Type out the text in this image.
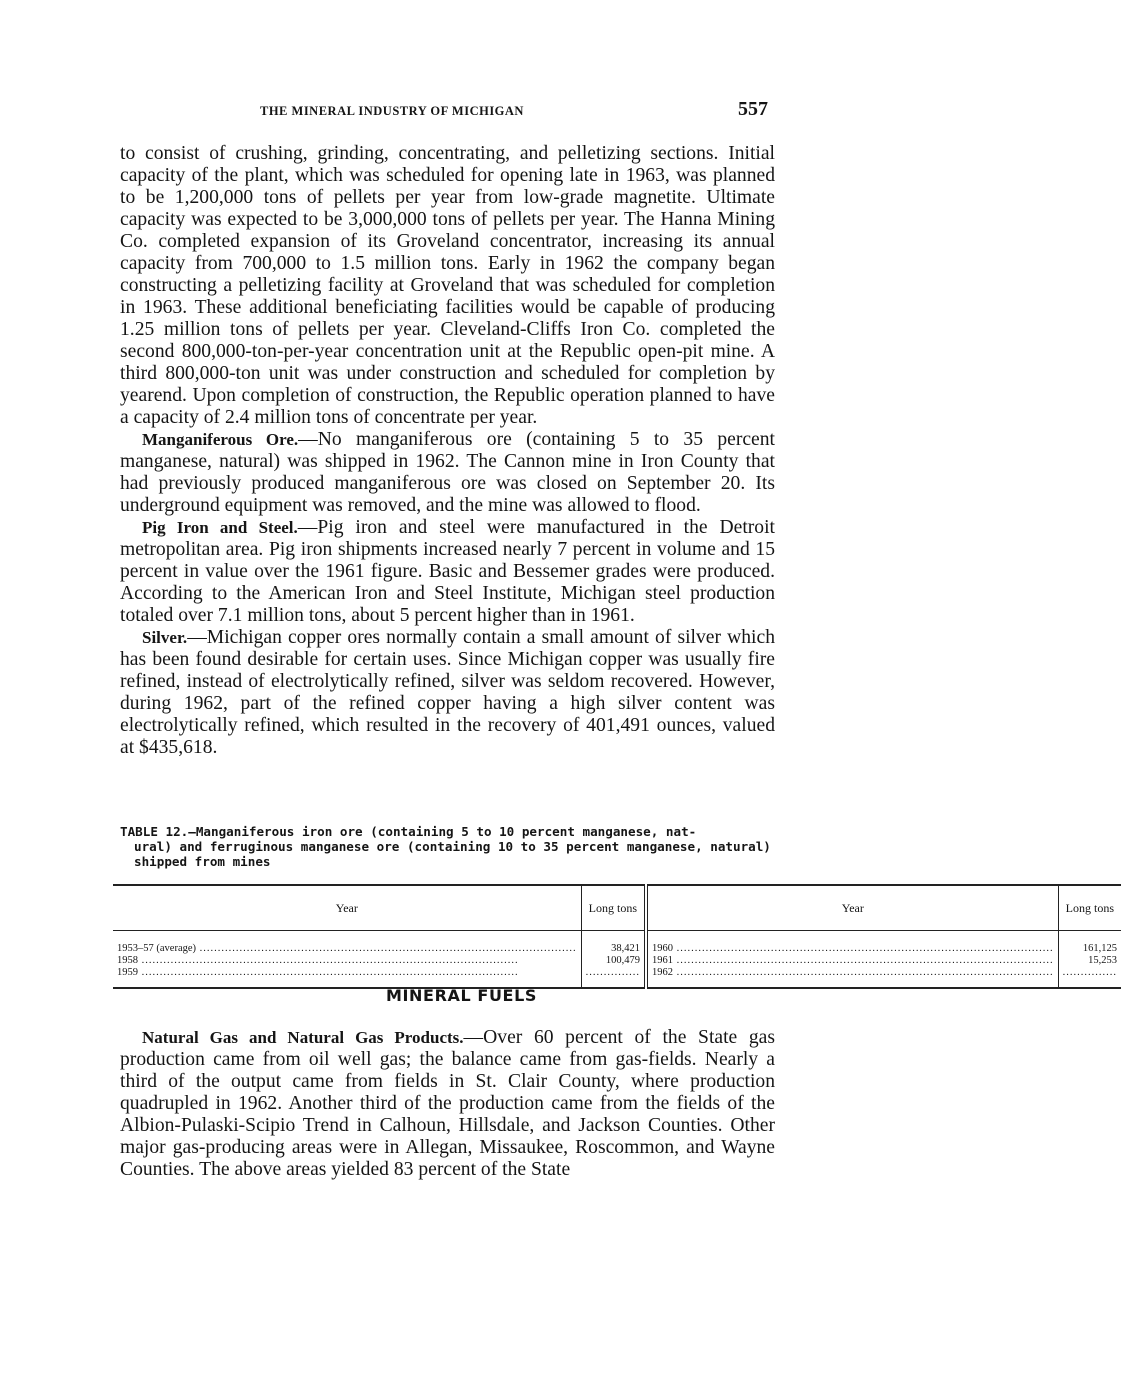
THE MINERAL INDUSTRY OF MICHIGAN	557

to consist of crushing, grinding, concentrating, and pelletizing sections. Initial capacity of the plant, which was scheduled for opening late in 1963, was planned to be 1,200,000 tons of pellets per year from low-grade magnetite. Ultimate capacity was expected to be 3,000,000 tons of pellets per year. The Hanna Mining Co. completed expansion of its Groveland concentrator, increasing its annual capacity from 700,000 to 1.5 million tons. Early in 1962 the company began constructing a pelletizing facility at Groveland that was scheduled for completion in 1963. These additional beneficiating facilities would be capable of producing 1.25 million tons of pellets per year. Cleveland-Cliffs Iron Co. completed the second 800,000-ton-per-year concentration unit at the Republic open-pit mine. A third 800,000-ton unit was under construction and scheduled for completion by yearend. Upon completion of construction, the Republic operation planned to have a capacity of 2.4 million tons of concentrate per year.

Manganiferous Ore.—No manganiferous ore (containing 5 to 35 percent manganese, natural) was shipped in 1962. The Cannon mine in Iron County that had previously produced manganiferous ore was closed on September 20. Its underground equipment was removed, and the mine was allowed to flood.

Pig Iron and Steel.—Pig iron and steel were manufactured in the Detroit metropolitan area. Pig iron shipments increased nearly 7 percent in volume and 15 percent in value over the 1961 figure. Basic and Bessemer grades were produced. According to the American Iron and Steel Institute, Michigan steel production totaled over 7.1 million tons, about 5 percent higher than in 1961.

Silver.—Michigan copper ores normally contain a small amount of silver which has been found desirable for certain uses. Since Michigan copper was usually fire refined, instead of electrolytically refined, silver was seldom recovered. However, during 1962, part of the refined copper having a high silver content was electrolytically refined, which resulted in the recovery of 401,491 ounces, valued at $435,618.

TABLE 12.—Manganiferous iron ore (containing 5 to 10 percent manganese, nat-
ural) and ferruginous manganese ore (containing 10 to 35 percent manganese, natural) shipped from mines
Year	Long tons	Year	Long tons
1953–57 (average) .....	38,421	1960 .....	161,125
1958 .....	100,479	1961 .....	15,253
1959 .....	.....	1962 .....	.....
MINERAL FUELS

Natural Gas and Natural Gas Products.—Over 60 percent of the State gas production came from oil well gas; the balance came from gas-fields. Nearly a third of the output came from fields in St. Clair County, where production quadrupled in 1962. Another third of the production came from the fields of the Albion-Pulaski-Scipio Trend in Calhoun, Hillsdale, and Jackson Counties. Other major gas-producing areas were in Allegan, Missaukee, Roscommon, and Wayne Counties. The above areas yielded 83 percent of the State
